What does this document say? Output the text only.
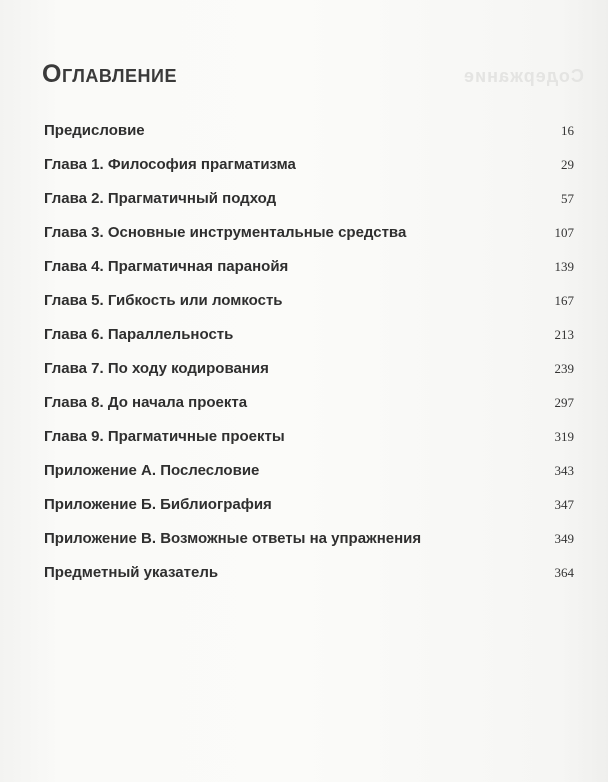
Содержание
Оглавление
Предисловие	16
Глава 1. Философия прагматизма	29
Глава 2. Прагматичный подход	57
Глава 3. Основные инструментальные средства	107
Глава 4. Прагматичная паранойя	139
Глава 5. Гибкость или ломкость	167
Глава 6. Параллельность	213
Глава 7. По ходу кодирования	239
Глава 8. До начала проекта	297
Глава 9. Прагматичные проекты	319
Приложение А. Послесловие	343
Приложение Б. Библиография	347
Приложение В. Возможные ответы на упражнения	349
Предметный указатель	364
